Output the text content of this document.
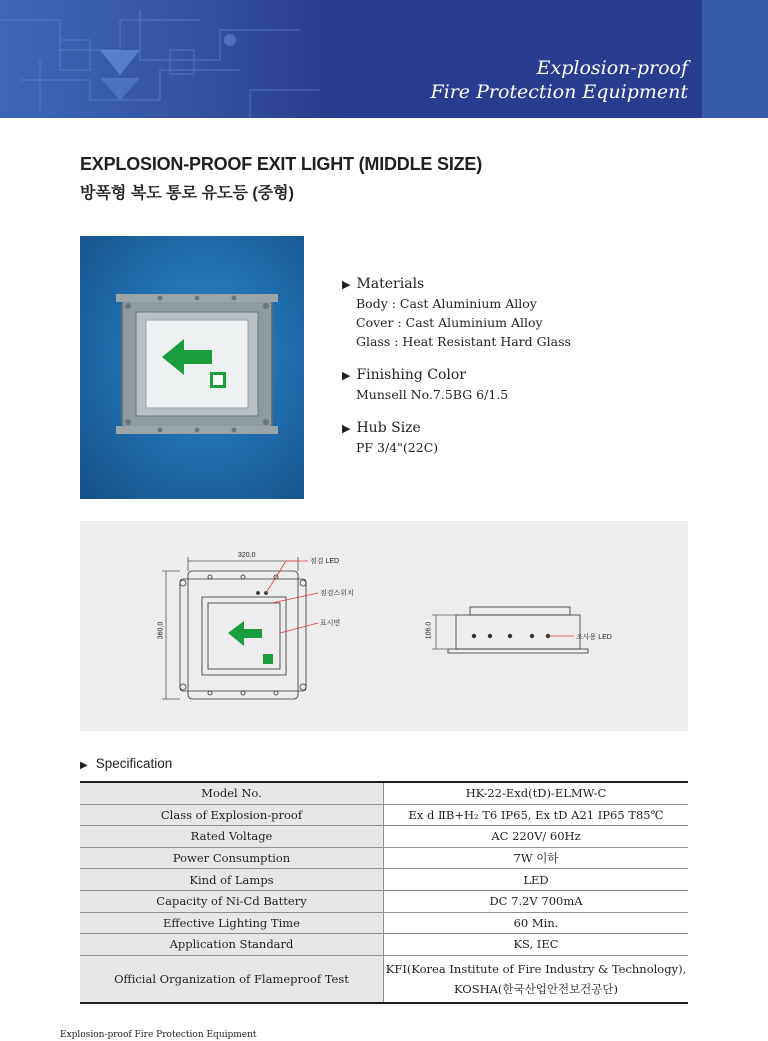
Explosion-proof
Fire Protection Equipment
EXPLOSION-PROOF EXIT LIGHT (MIDDLE SIZE)
방폭형 복도 통로 유도등 (중형)
▶ Materials
Body : Cast Aluminium Alloy
Cover : Cast Aluminium Alloy
Glass : Heat Resistant Hard Glass
▶ Finishing Color
Munsell No.7.5BG 6/1.5
▶ Hub Size
PF 3/4"(22C)
320.0
360.0
점검 LED
점검스위치
표시면	106.0	조사용 LED
▶ Specification
Model No.	HK-22-Exd(tD)-ELMW-C
Class of Explosion-proof	Ex d ⅡB+H₂ T6 IP65, Ex tD A21 IP65 T85℃
Rated Voltage	AC 220V/ 60Hz
Power Consumption	7W 이하
Kind of Lamps	LED
Capacity of Ni-Cd Battery	DC 7.2V 700mA
Effective Lighting Time	60 Min.
Application Standard	KS, IEC
Official Organization of Flameproof Test	KFI(Korea Institute of Fire Industry & Technology),
KOSHA(한국산업안전보건공단)
Explosion-proof Fire Protection Equipment
